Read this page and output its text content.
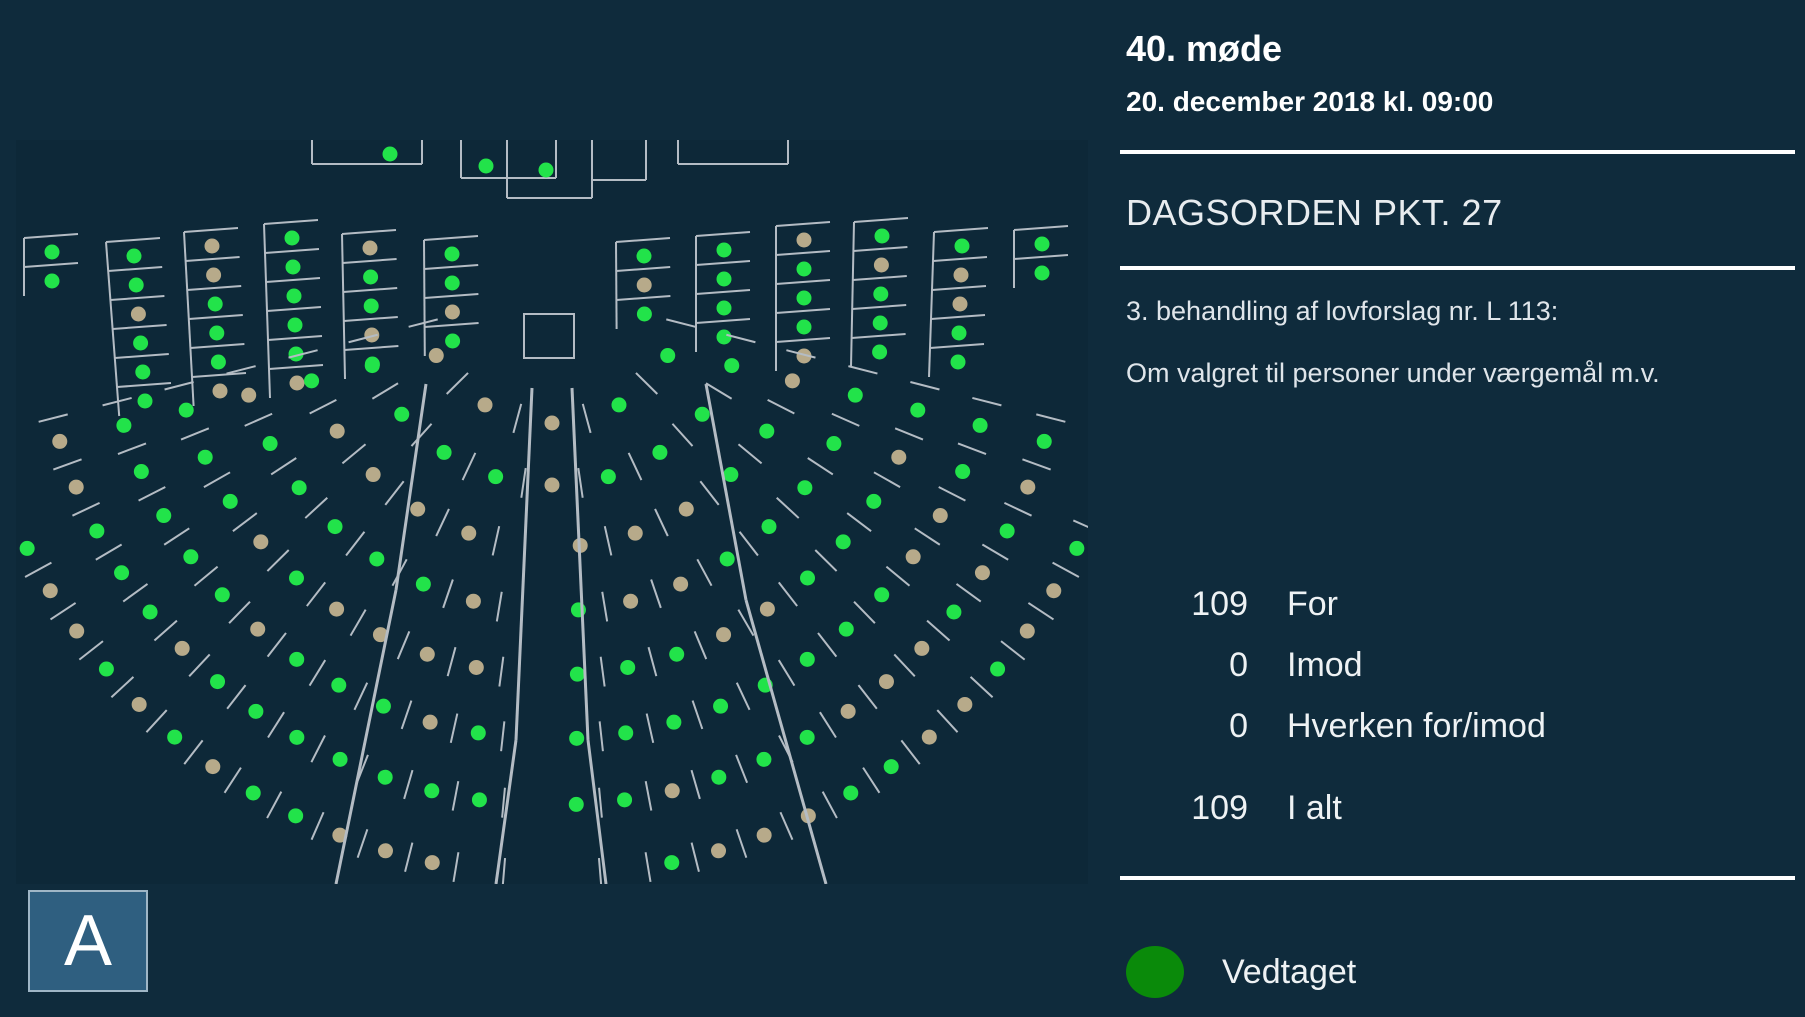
A
40. møde
20. december 2018 kl. 09:00
DAGSORDEN PKT. 27
3. behandling af lovforslag nr. L 113:
Om valgret til personer under værgemål m.v.
109 For
0 Imod
0 Hverken for/imod
109 I alt
Vedtaget
